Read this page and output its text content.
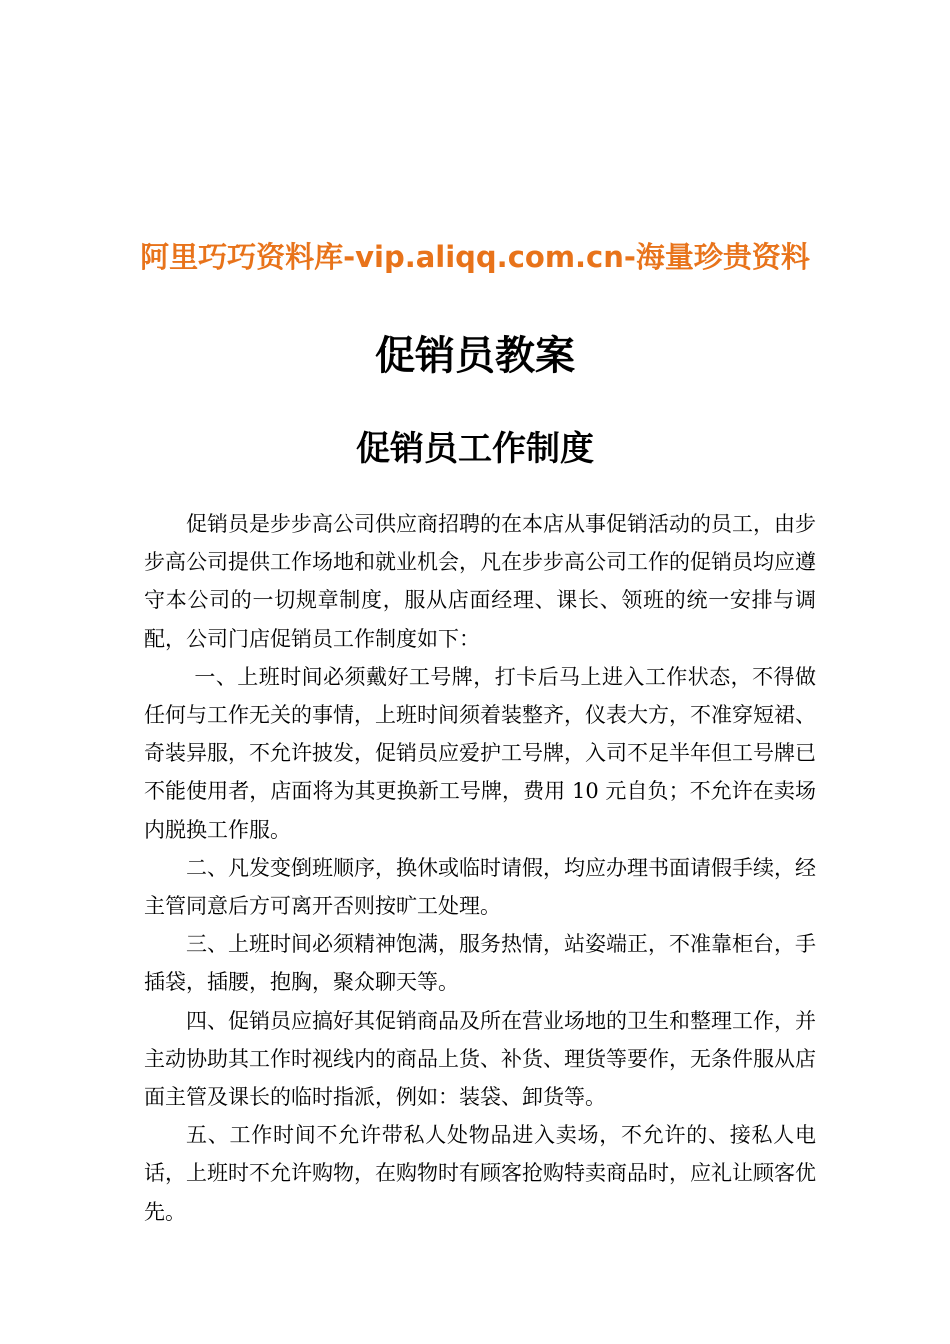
阿里巧巧资料库-vip.aliqq.com.cn-海量珍贵资料
促销员教案
促销员工作制度

促销员是步步高公司供应商招聘的在本店从事促销活动的员工，由步步高公司提供工作场地和就业机会，凡在步步高公司工作的促销员均应遵守本公司的一切规章制度，服从店面经理、课长、领班的统一安排与调配，公司门店促销员工作制度如下：

一、上班时间必须戴好工号牌，打卡后马上进入工作状态，不得做任何与工作无关的事情，上班时间须着装整齐，仪表大方，不准穿短裙、奇装异服，不允许披发，促销员应爱护工号牌，入司不足半年但工号牌已不能使用者，店面将为其更换新工号牌，费用 10 元自负；不允许在卖场内脱换工作服。

二、凡发变倒班顺序，换休或临时请假，均应办理书面请假手续，经主管同意后方可离开否则按旷工处理。

三、上班时间必须精神饱满，服务热情，站姿端正，不准靠柜台，手插袋，插腰，抱胸，聚众聊天等。

四、促销员应搞好其促销商品及所在营业场地的卫生和整理工作，并主动协助其工作时视线内的商品上货、补货、理货等要作，无条件服从店面主管及课长的临时指派，例如：装袋、卸货等。

五、工作时间不允许带私人处物品进入卖场，不允许的、接私人电话，上班时不允许购物，在购物时有顾客抢购特卖商品时，应礼让顾客优先。
